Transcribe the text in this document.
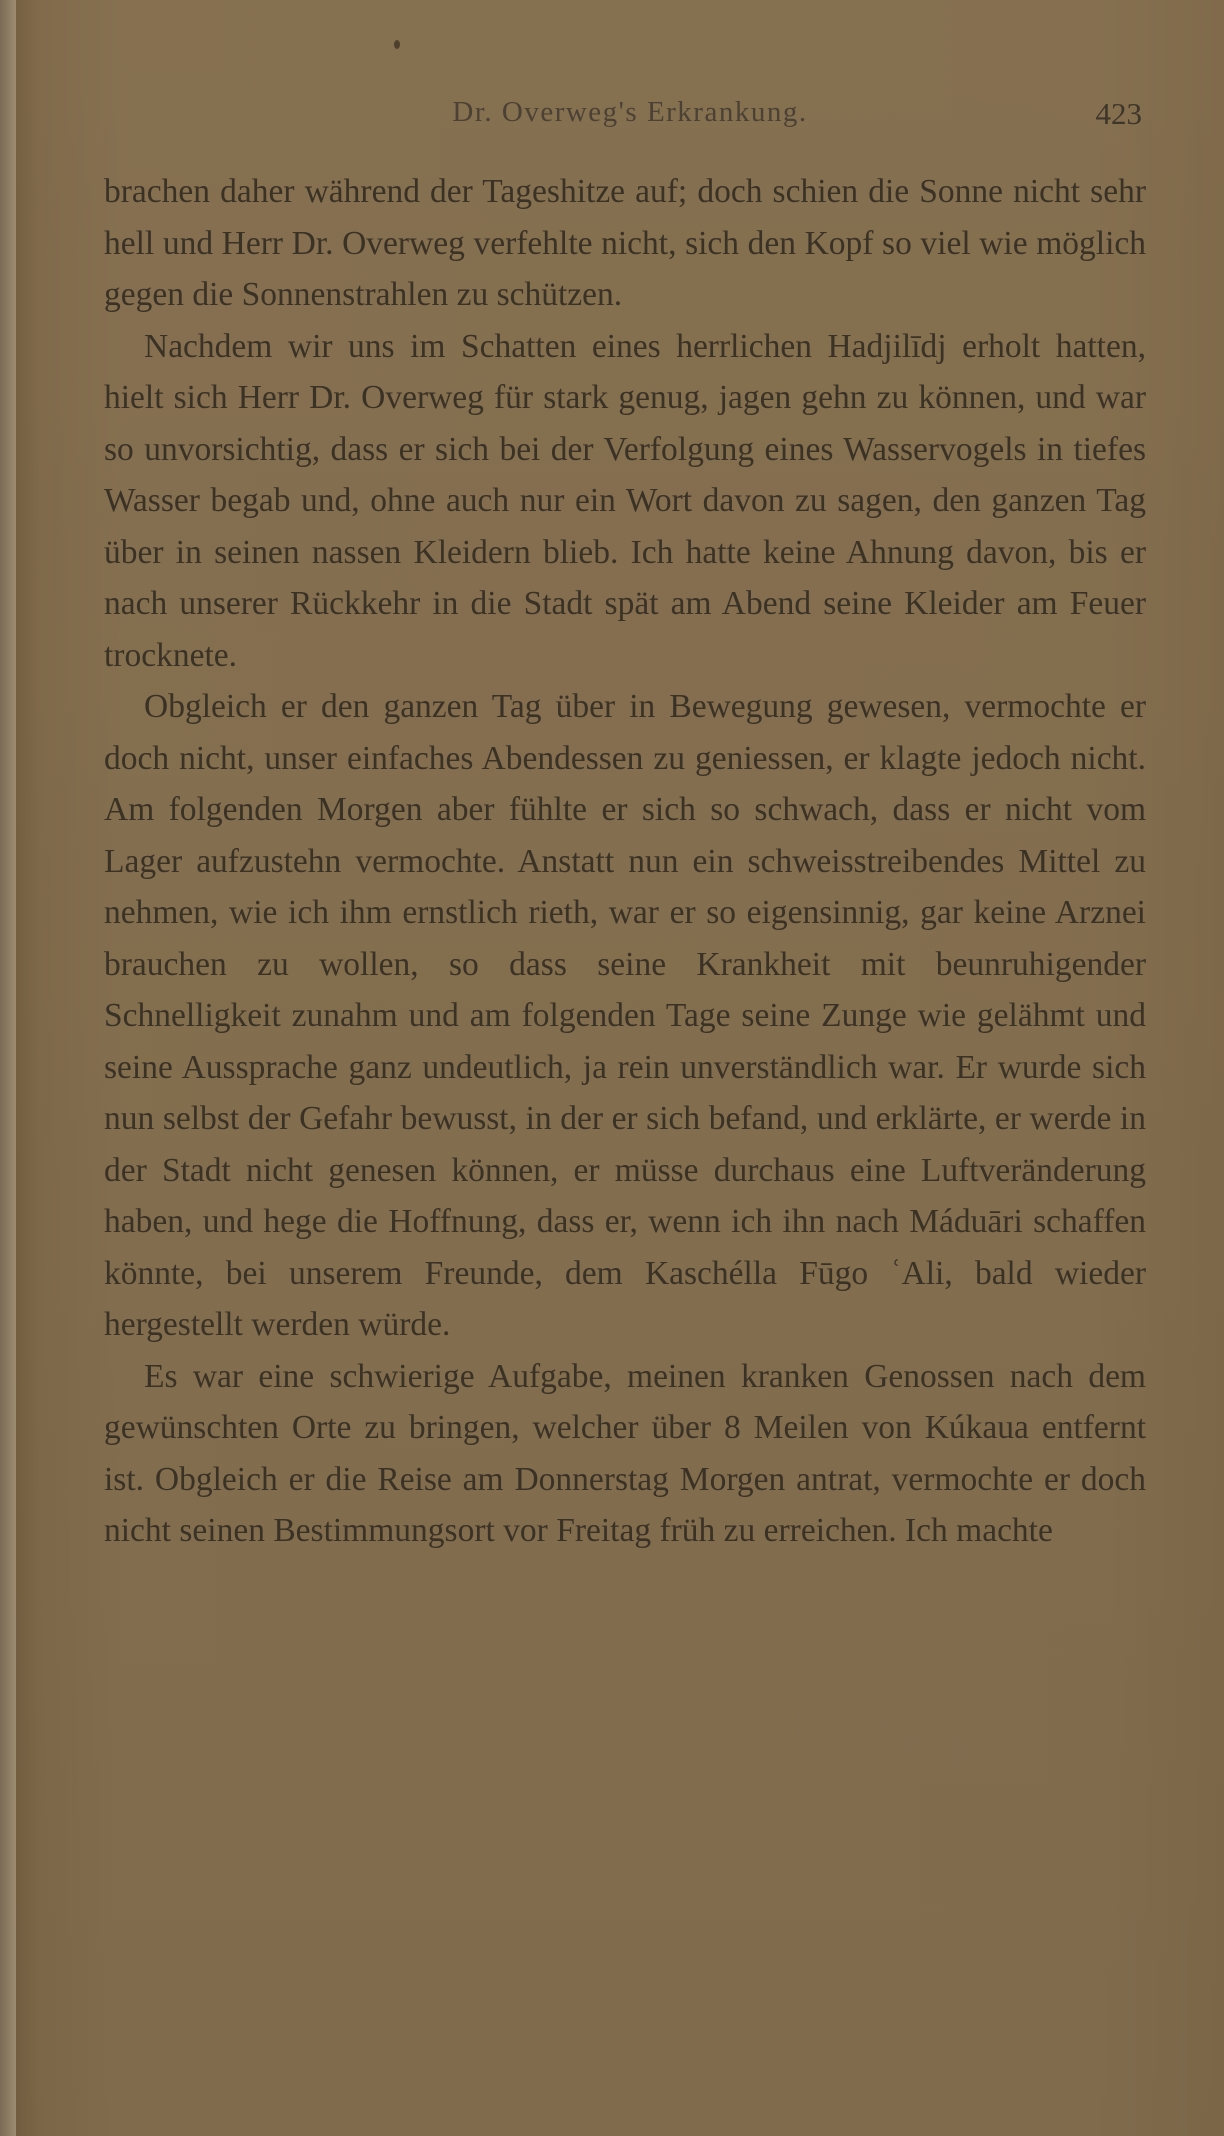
Dr. Overweg's Erkrankung.	423

brachen daher während der Tageshitze auf; doch schien die Sonne nicht sehr hell und Herr Dr. Overweg verfehlte nicht, sich den Kopf so viel wie möglich gegen die Sonnenstrahlen zu schützen.

Nachdem wir uns im Schatten eines herrlichen Hadjilīdj erholt hatten, hielt sich Herr Dr. Overweg für stark genug, jagen gehn zu können, und war so unvorsichtig, dass er sich bei der Verfolgung eines Wasservogels in tiefes Wasser begab und, ohne auch nur ein Wort davon zu sagen, den ganzen Tag über in seinen nassen Kleidern blieb. Ich hatte keine Ahnung davon, bis er nach unserer Rückkehr in die Stadt spät am Abend seine Kleider am Feuer trocknete.

Obgleich er den ganzen Tag über in Bewegung gewesen, vermochte er doch nicht, unser einfaches Abendessen zu geniessen, er klagte jedoch nicht. Am folgenden Morgen aber fühlte er sich so schwach, dass er nicht vom Lager aufzustehn vermochte. Anstatt nun ein schweisstreibendes Mittel zu nehmen, wie ich ihm ernstlich rieth, war er so eigensinnig, gar keine Arznei brauchen zu wollen, so dass seine Krankheit mit beunruhigender Schnelligkeit zunahm und am folgenden Tage seine Zunge wie gelähmt und seine Aussprache ganz undeutlich, ja rein unverständlich war. Er wurde sich nun selbst der Gefahr bewusst, in der er sich befand, und erklärte, er werde in der Stadt nicht genesen können, er müsse durchaus eine Luftveränderung haben, und hege die Hoffnung, dass er, wenn ich ihn nach Máduāri schaffen könnte, bei unserem Freunde, dem Kaschélla Fūgo ʿAli, bald wieder hergestellt werden würde.

Es war eine schwierige Aufgabe, meinen kranken Genossen nach dem gewünschten Orte zu bringen, welcher über 8 Meilen von Kúkaua entfernt ist. Obgleich er die Reise am Donnerstag Morgen antrat, vermochte er doch nicht seinen Bestimmungsort vor Freitag früh zu erreichen. Ich machte
